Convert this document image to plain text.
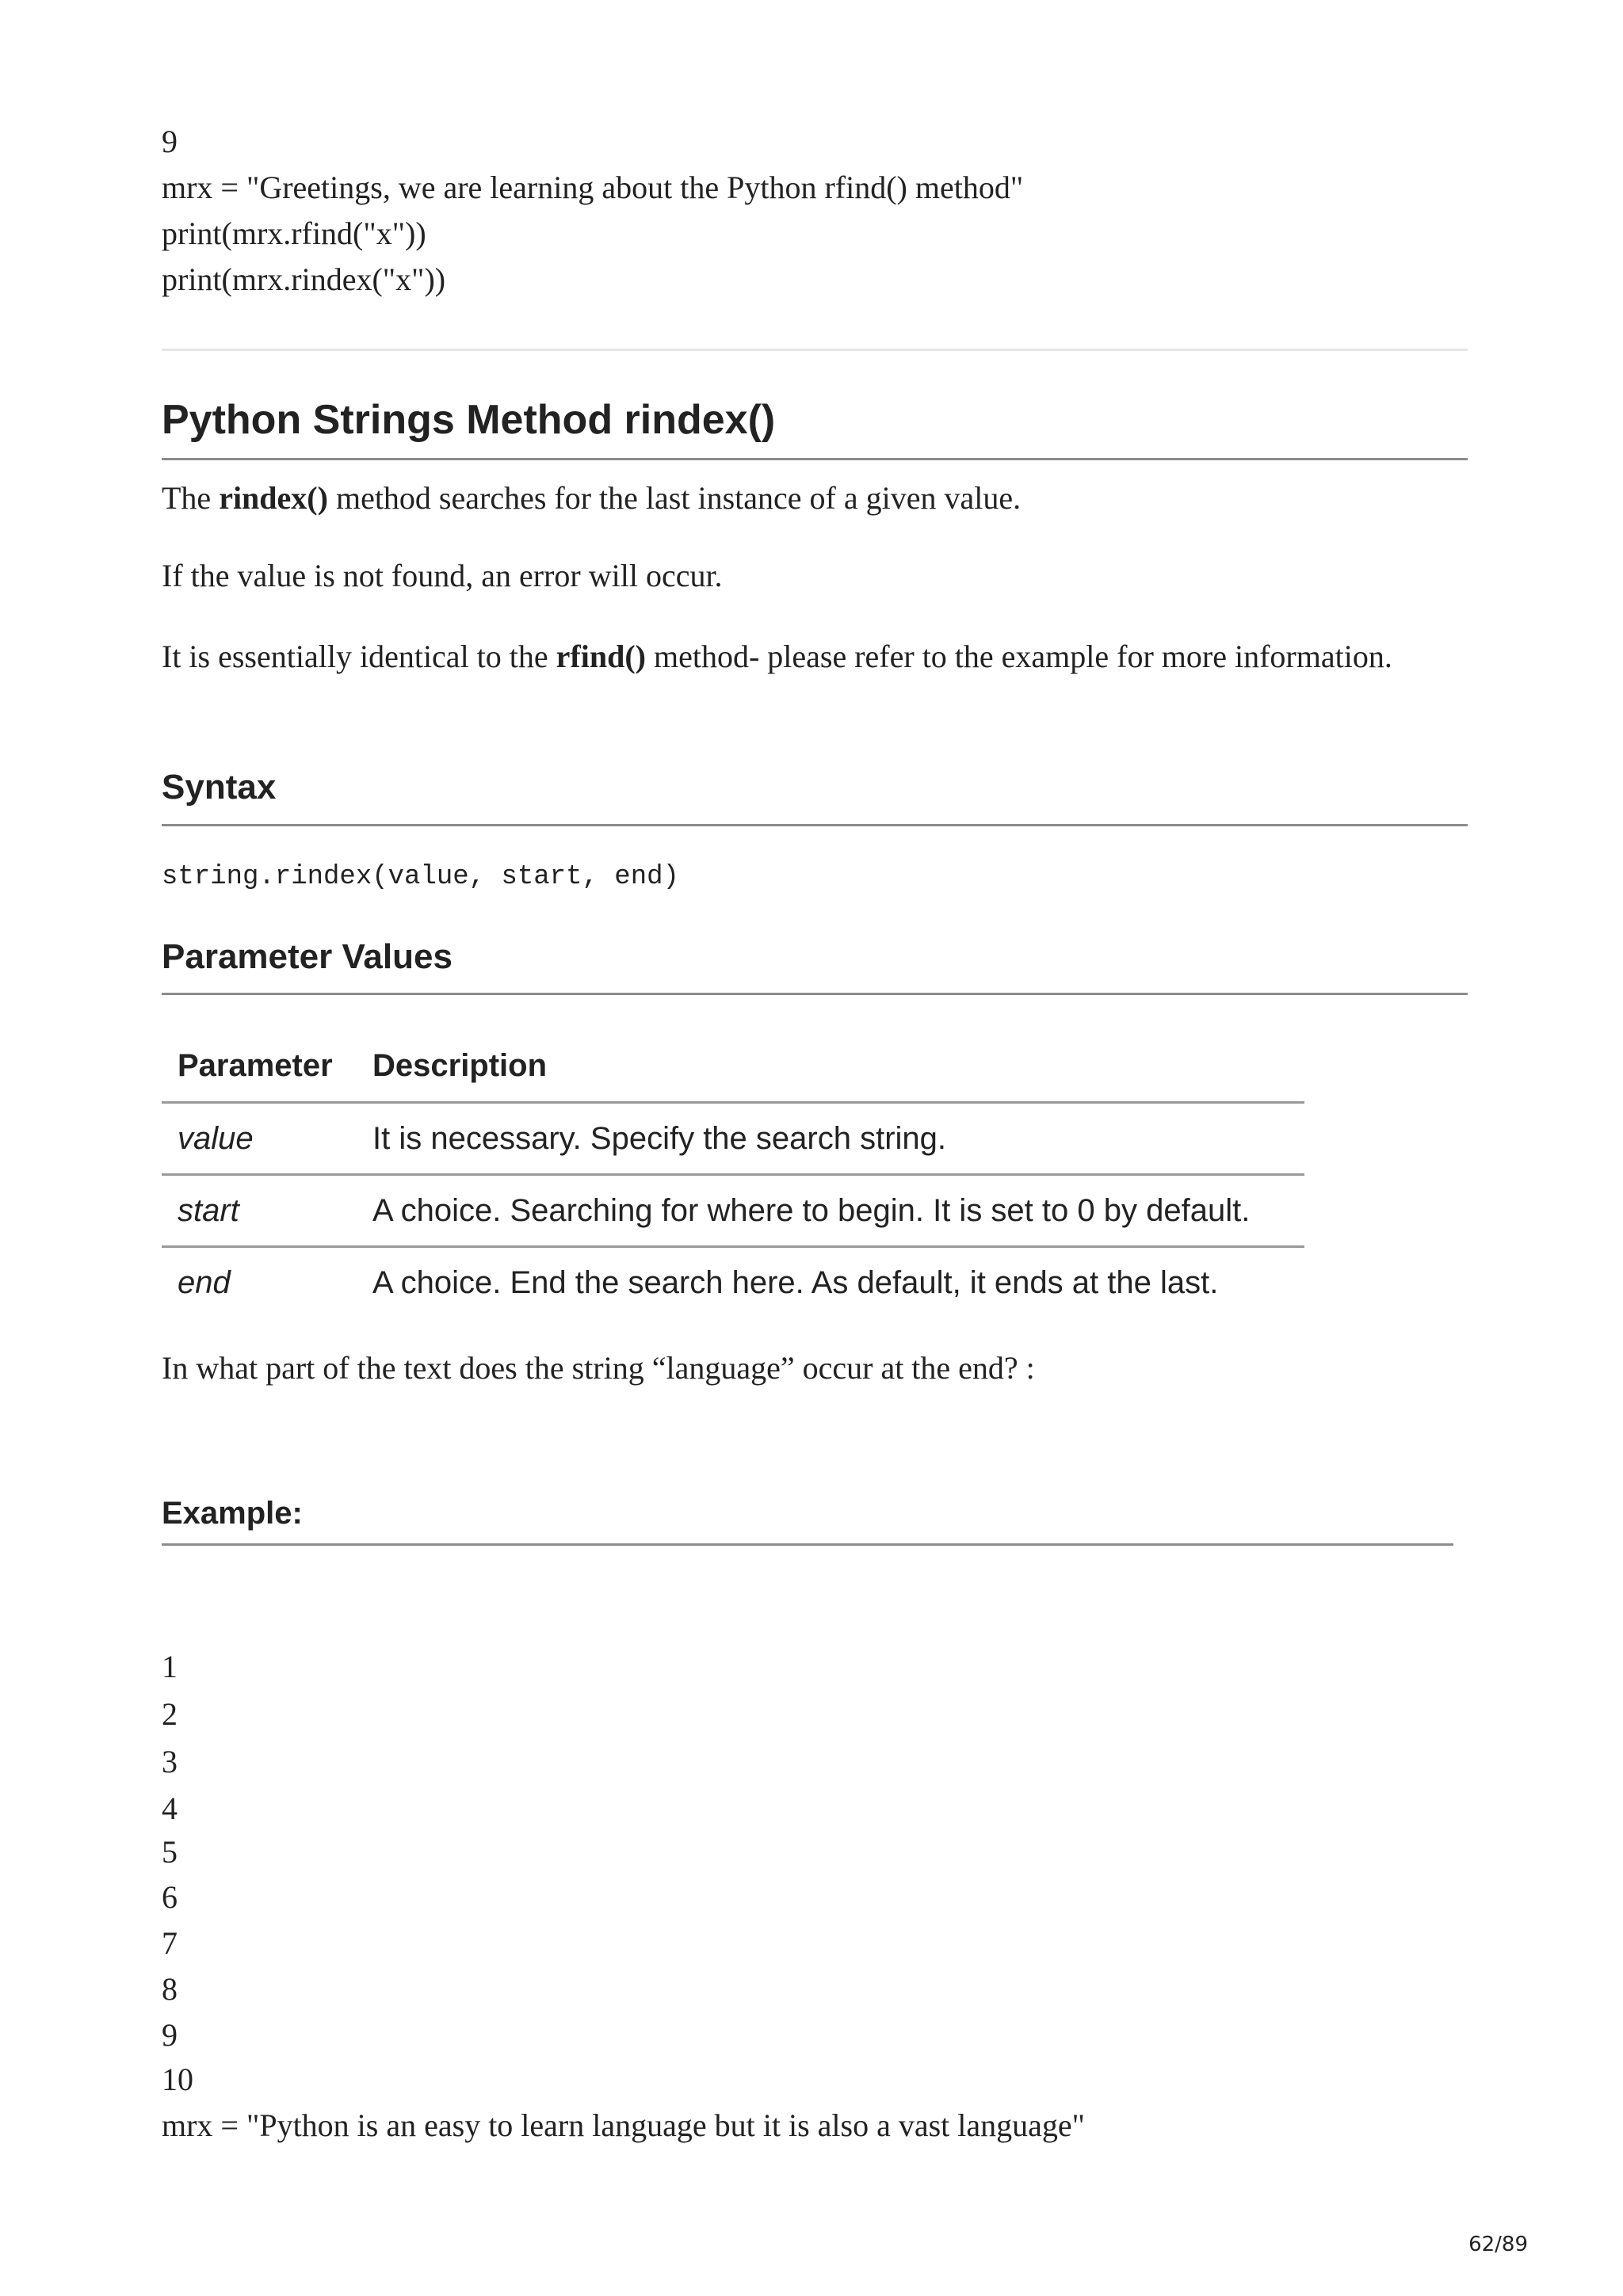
9
mrx = "Greetings, we are learning about the Python rfind() method"
print(mrx.rfind("x"))
print(mrx.rindex("x"))
Python Strings Method rindex()

The rindex() method searches for the last instance of a given value.

If the value is not found, an error will occur.

It is essentially identical to the rfind() method- please refer to the example for more information.

Syntax
string.rindex(value, start, end)
Parameter Values
Parameter	Description
value	It is necessary. Specify the search string.
start	A choice. Searching for where to begin. It is set to 0 by default.
end	A choice. End the search here. As default, it ends at the last.

In what part of the text does the string “language” occur at the end? :

Example:
1
2
3
4
5
6
7
8
9
10
mrx = "Python is an easy to learn language but it is also a vast language"
62/89
